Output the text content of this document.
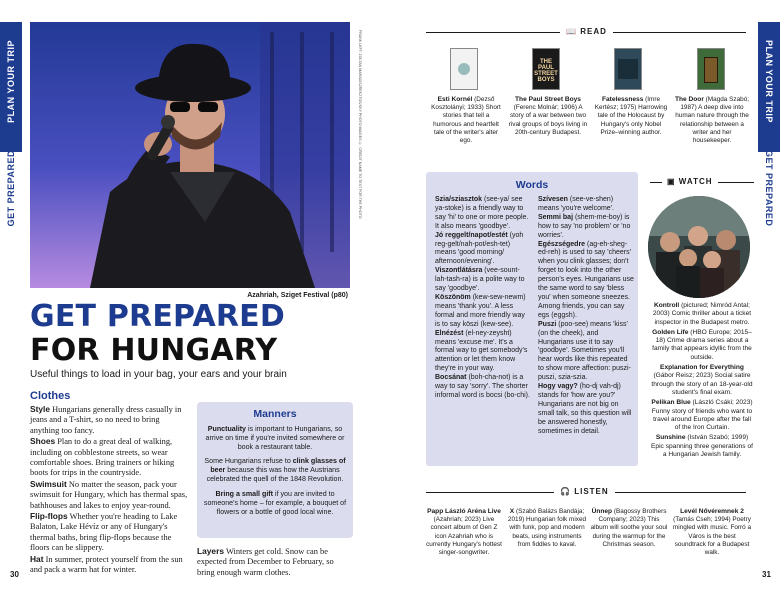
PLAN YOUR TRIP
GET PREPARED
PLAN YOUR TRIP
GET PREPARED
FRANK LEFT: ZOLTAN MARADISZREKZTOS/SKY PHOTO IMAGES ©, CREDIT NAME TO TEXT FOR THE PHOTO
Azahriah, Sziget Festival (p80)
GET PREPARED
FOR HUNGARY
Useful things to load in your bag, your ears and your brain
Clothes
Style Hungarians generally dress casually in jeans and a T-shirt, so no need to bring anything too fancy.
Shoes Plan to do a great deal of walking, including on cobblestone streets, so wear comfortable shoes. Bring trainers or hiking boots for trips in the countryside.
Swimsuit No matter the season, pack your swimsuit for Hungary, which has thermal spas, bathhouses and lakes to enjoy year-round.
Flip-flops Whether you're heading to Lake Balaton, Lake Hévíz or any of Hungary's thermal baths, bring flip-flops because the floors can be slippery.
Hat In summer, protect yourself from the sun and pack a warm hat for winter.
Manners

Punctuality is important to Hungarians, so arrive on time if you're invited somewhere or book a restaurant table.

Some Hungarians refuse to clink glasses of beer because this was how the Austrians celebrated the quell of the 1848 Revolution.

Bring a small gift if you are invited to someone's home – for example, a bouquet of flowers or a bottle of good local wine.

Layers Winters get cold. Snow can be expected from December to February, so bring enough warm clothes.
30	31
📖 READ
THE PAUL STREET BOYS
Esti Kornél (Dezső Kosztolányi; 1933) Short stories that tell a humorous and heartfelt tale of the writer's alter ego.
The Paul Street Boys
(Ferenc Molnár; 1906) A story of a war between two rival groups of boys living in 20th-century Budapest.
Fatelessness (Imre Kertész; 1975) Harrowing tale of the Holocaust by Hungary's only Nobel Prize–winning author.
The Door (Magda Szabó; 1987) A deep dive into human nature through the relationship between a writer and her housekeeper.
Words
Szia/sziasztok (see-ya/ see ya-stoke) is a friendly way to say 'hi' to one or more people. It also means 'goodbye'.
Jó reggelt/napot/estét (yoh reg-gelt/nah-pot/esh-tet) means 'good morning/ afternoon/evening'.
Viszontlátásra (vee-sount-lah-tash-ra) is a polite way to say 'goodbye'.
Köszönöm (kew-sew-newm) means 'thank you'. A less formal and more friendly way is to say köszi (kew-see).
Elnézést (el-ney-zeysht) means 'excuse me'. It's a formal way to get somebody's attention or let them know they're in your way.
Bocsánat (boh-cha-not) is a way to say 'sorry'. The shorter informal word is bocsi (bo-chi).
Szívesen (see-ve-shen) means 'you're welcome'.
Semmi baj (shem-me-boy) is how to say 'no problem' or 'no worries'.
Egészségedre (ag-eh-sheg-ed-reh) is used to say 'cheers' when you clink glasses; don't forget to look into the other person's eyes. Hungarians use the same word to say 'bless you' when someone sneezes. Among friends, you can say egs (eggsh).
Puszi (poo-see) means 'kiss' (on the cheek), and Hungarians use it to say 'goodbye'. Sometimes you'll hear words like this repeated to show more affection: puszi-puszi, szia-szia.
Hogy vagy? (ho-dj vah-dj) stands for 'how are you?' Hungarians are not big on small talk, so this question will be answered honestly, sometimes in detail.
▣ WATCH
Kontroll (pictured; Nimród Antal; 2003) Comic thriller about a ticket inspector in the Budapest metro.
Golden Life (HBO Europe; 2015–18) Crime drama series about a family that appears idyllic from the outside.
Explanation for Everything (Gábor Reisz; 2023) Social satire through the story of an 18-year-old student's final exam.
Pelikan Blue (László Csáki; 2023) Funny story of friends who want to travel around Europe after the fall of the Iron Curtain.
Sunshine (István Szabó; 1999) Epic spanning three generations of a Hungarian Jewish family.
🎧 LISTEN
Papp László Aréna Live (Azahriah; 2023) Live concert album of Gen Z icon Azahriah who is currently Hungary's hottest singer-songwriter.
X (Szabó Balázs Bandája; 2019) Hungarian folk mixed with funk, pop and modern beats, using instruments from fiddles to kaval.
Ünnep (Bagossy Brothers Company; 2023) This album will soothe your soul during the warmup for the Christmas season.
Levél Nővéremnek 2 (Tamás Cseh; 1994) Poetry mingled with music. Forró a Város is the best soundtrack for a Budapest walk.
